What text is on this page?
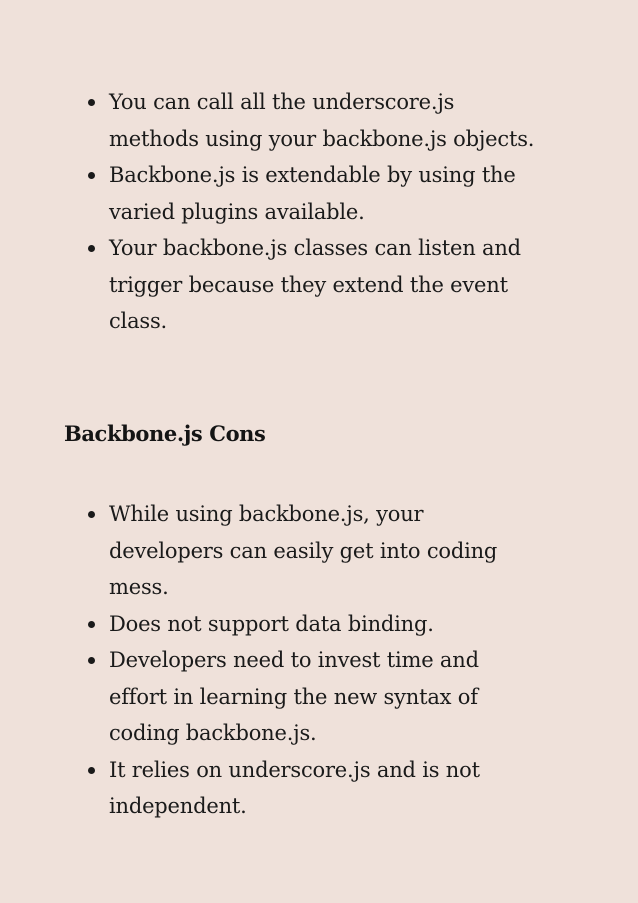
You can call all the underscore.js methods using your backbone.js objects.
Backbone.js is extendable by using the varied plugins available.
Your backbone.js classes can listen and trigger because they extend the event class.
Backbone.js Cons
While using backbone.js, your developers can easily get into coding mess.
Does not support data binding.
Developers need to invest time and effort in learning the new syntax of coding backbone.js.
It relies on underscore.js and is not independent.
